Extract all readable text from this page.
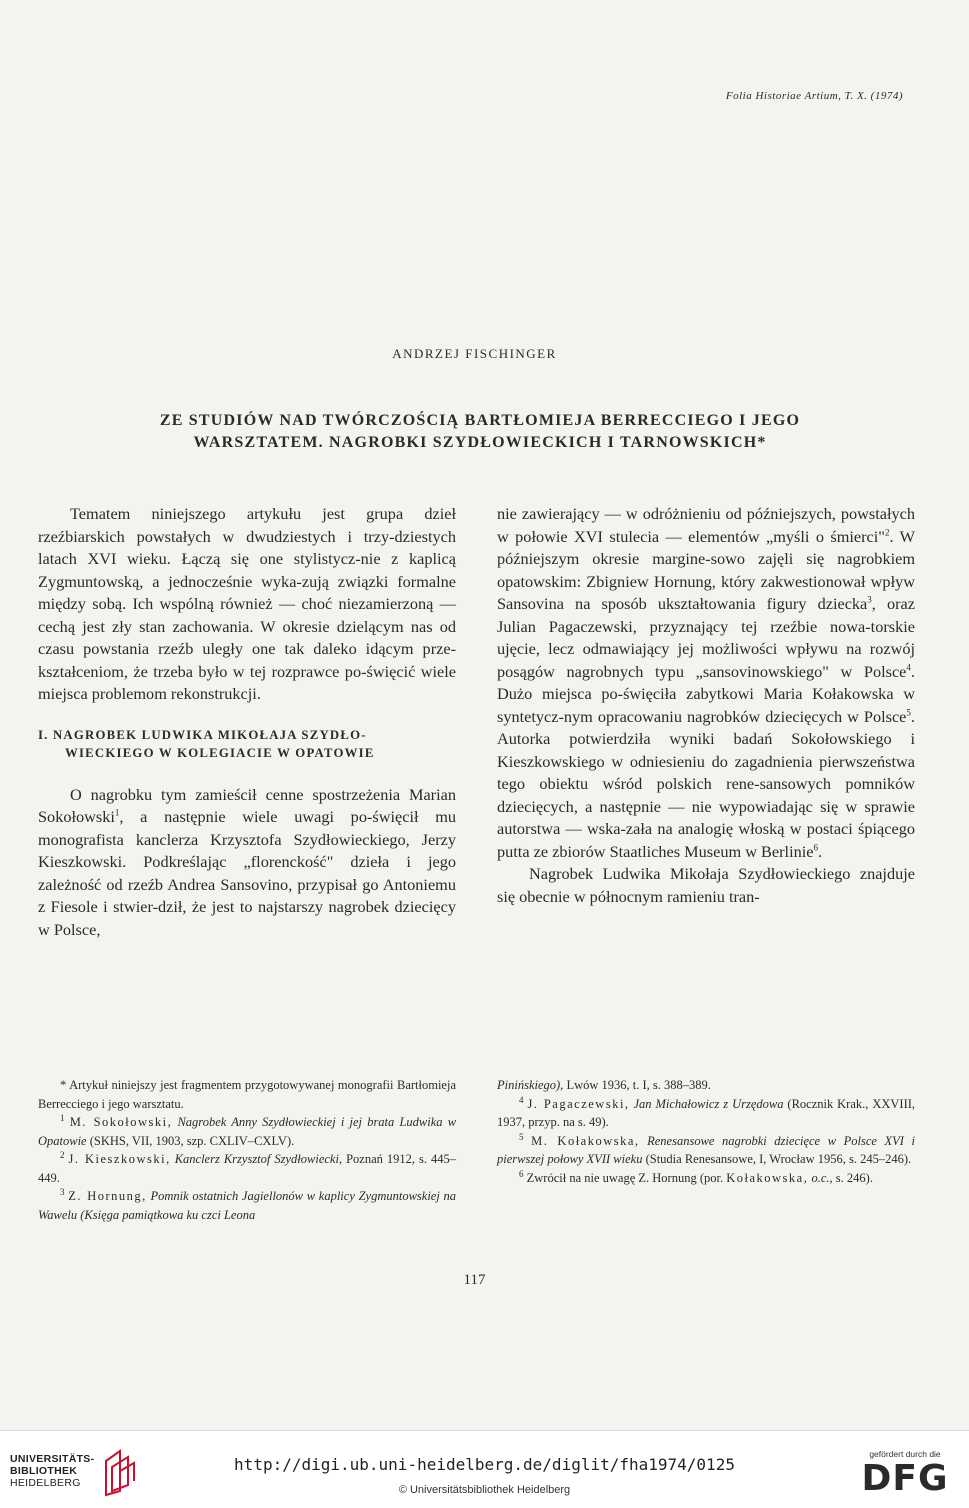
Folia Historiae Artium, T. X. (1974)
ANDRZEJ FISCHINGER
ZE STUDIÓW NAD TWÓRCZOŚCIĄ BARTŁOMIEJA BERRECCIEGO I JEGO
WARSZTATEM. NAGROBKI SZYDŁOWIECKICH I TARNOWSKICH*

Tematem niniejszego artykułu jest grupa dzieł rzeźbiarskich powstałych w dwudziestych i trzy-dziestych latach XVI wieku. Łączą się one stylistycz-nie z kaplicą Zygmuntowską, a jednocześnie wyka-zują związki formalne między sobą. Ich wspólną również — choć niezamierzoną — cechą jest zły stan zachowania. W okresie dzielącym nas od czasu powstania rzeźb uległy one tak daleko idącym prze-kształceniom, że trzeba było w tej rozprawce po-święcić wiele miejsca problemom rekonstrukcji.

I. NAGROBEK LUDWIKA MIKOŁAJA SZYDŁO-WIECKIEGO W KOLEGIACIE W OPATOWIE

O nagrobku tym zamieścił cenne spostrzeżenia Marian Sokołowski$^1$, a następnie wiele uwagi po-święcił mu monografista kanclerza Krzysztofa Szydłowieckiego, Jerzy Kieszkowski. Podkreślając „florenckość" dzieła i jego zależność od rzeźb Andrea Sansovino, przypisał go Antoniemu z Fiesole i stwier-dził, że jest to najstarszy nagrobek dziecięcy w Polsce,

nie zawierający — w odróżnieniu od późniejszych, powstałych w połowie XVI stulecia — elementów „myśli o śmierci"$^2$. W późniejszym okresie margine-sowo zajęli się nagrobkiem opatowskim: Zbigniew Hornung, który zakwestionował wpływ Sansovina na sposób ukształtowania figury dziecka$^3$, oraz Julian Pagaczewski, przyznający tej rzeźbie nowa-torskie ujęcie, lecz odmawiający jej możliwości wpływu na rozwój posągów nagrobnych typu „sansovinowskiego" w Polsce$^4$. Dużo miejsca po-święciła zabytkowi Maria Kołakowska w syntetycz-nym opracowaniu nagrobków dziecięcych w Polsce$^5$. Autorka potwierdziła wyniki badań Sokołowskiego i Kieszkowskiego w odniesieniu do zagadnienia pierwszeństwa tego obiektu wśród polskich rene-sansowych pomników dziecięcych, a następnie — nie wypowiadając się w sprawie autorstwa — wska-zała na analogię włoską w postaci śpiącego putta ze zbiorów Staatliches Museum w Berlinie$^6$.

Nagrobek Ludwika Mikołaja Szydłowieckiego znajduje się obecnie w północnym ramieniu tran-

* Artykuł niniejszy jest fragmentem przygotowywanej monografii Bartłomieja Berrecciego i jego warsztatu.

$^1$ M. Sokołowski, Nagrobek Anny Szydłowieckiej i jej brata Ludwika w Opatowie (SKHS, VII, 1903, szp. CXLIV–CXLV).

$^2$ J. Kieszkowski, Kanclerz Krzysztof Szydłowiecki, Poznań 1912, s. 445–449.

$^3$ Z. Hornung, Pomnik ostatnich Jagiellonów w kaplicy Zygmuntowskiej na Wawelu (Księga pamiątkowa ku czci Leona

Pinińskiego), Lwów 1936, t. I, s. 388–389.

$^4$ J. Pagaczewski, Jan Michałowicz z Urzędowa (Rocznik Krak., XXVIII, 1937, przyp. na s. 49).

$^5$ M. Kołakowska, Renesansowe nagrobki dziecięce w Polsce XVI i pierwszej połowy XVII wieku (Studia Renesansowe, I, Wrocław 1956, s. 245–246).

$^6$ Zwrócił na nie uwagę Z. Hornung (por. Kołakowska, o.c., s. 246).

117
UNIVERSITÄTS-
BIBLIOTHEK
HEIDELBERG
http://digi.ub.uni-heidelberg.de/diglit/fha1974/0125
© Universitätsbibliothek Heidelberg
gefördert durch die
DFG
